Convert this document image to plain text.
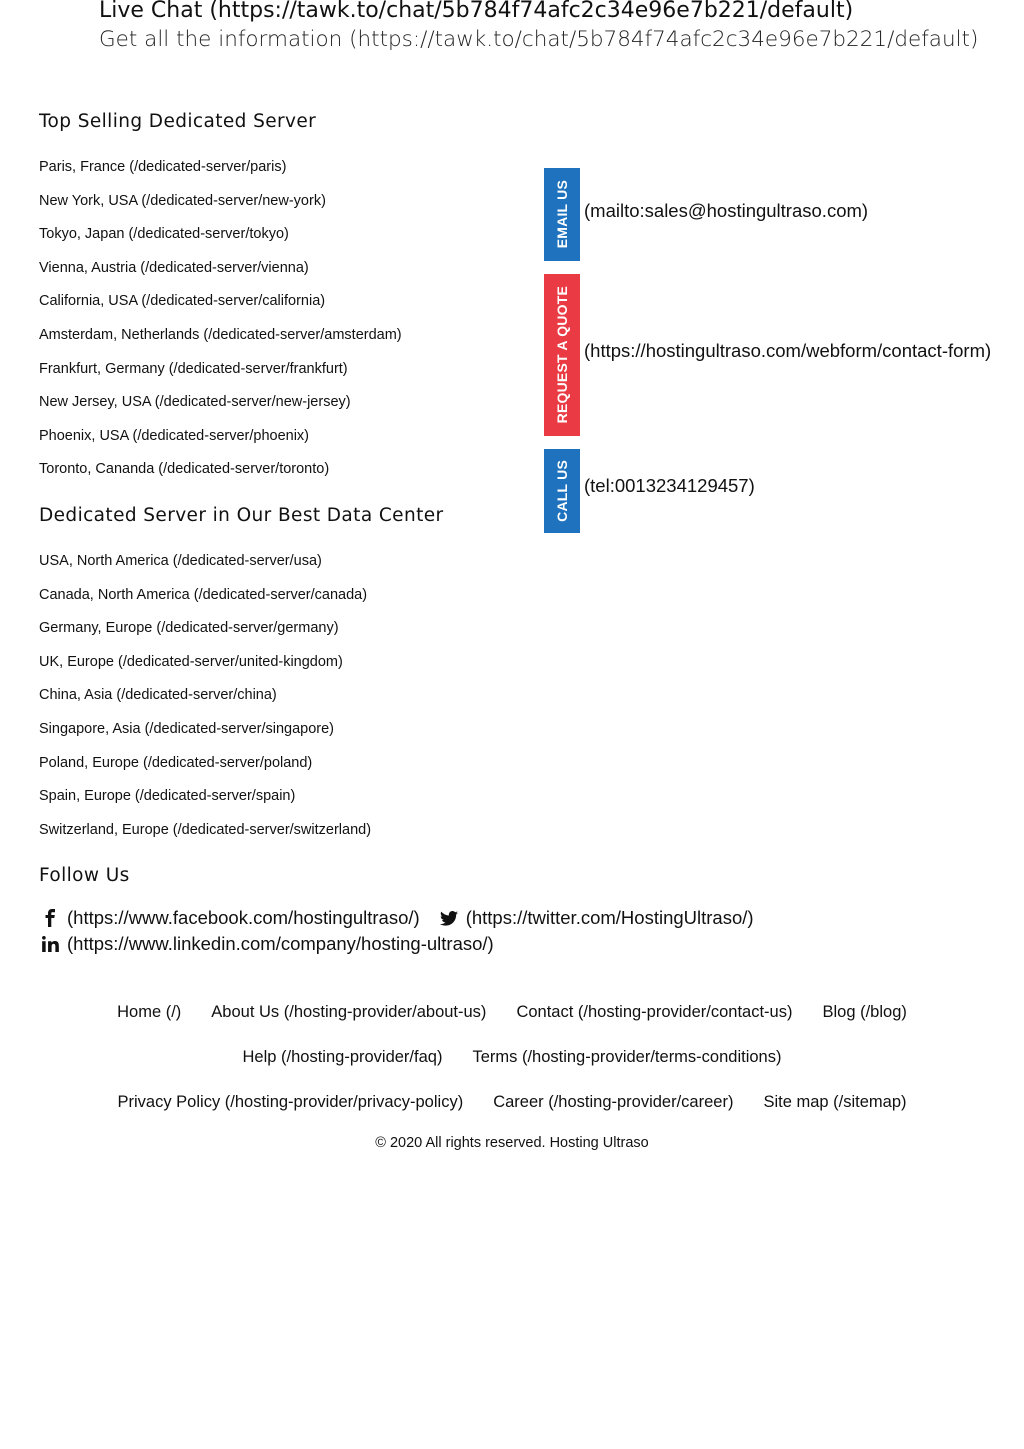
Live Chat (https://tawk.to/chat/5b784f74afc2c34e96e7b221/default)
Get all the information (https://tawk.to/chat/5b784f74afc2c34e96e7b221/default)
Top Selling Dedicated Server
Paris, France (/dedicated-server/paris)
New York, USA (/dedicated-server/new-york)
Tokyo, Japan (/dedicated-server/tokyo)
Vienna, Austria (/dedicated-server/vienna)
California, USA (/dedicated-server/california)
Amsterdam, Netherlands (/dedicated-server/amsterdam)
Frankfurt, Germany (/dedicated-server/frankfurt)
New Jersey, USA (/dedicated-server/new-jersey)
Phoenix, USA (/dedicated-server/phoenix)
Toronto, Cananda (/dedicated-server/toronto)
Dedicated Server in Our Best Data Center
USA, North America (/dedicated-server/usa)
Canada, North America (/dedicated-server/canada)
Germany, Europe (/dedicated-server/germany)
UK, Europe (/dedicated-server/united-kingdom)
China, Asia (/dedicated-server/china)
Singapore, Asia (/dedicated-server/singapore)
Poland, Europe (/dedicated-server/poland)
Spain, Europe (/dedicated-server/spain)
Switzerland, Europe (/dedicated-server/switzerland)
EMAIL US (mailto:sales@hostingultraso.com)
REQUEST A QUOTE (https://hostingultraso.com/webform/contact-form)
CALL US (tel:0013234129457)
Follow Us
(https://www.facebook.com/hostingultraso/) (https://twitter.com/HostingUltraso/)
(https://www.linkedin.com/company/hosting-ultraso/)
Home (/) About Us (/hosting-provider/about-us) Contact (/hosting-provider/contact-us) Blog (/blog)
Help (/hosting-provider/faq) Terms (/hosting-provider/terms-conditions)
Privacy Policy (/hosting-provider/privacy-policy) Career (/hosting-provider/career) Site map (/sitemap)
© 2020 All rights reserved. Hosting Ultraso
